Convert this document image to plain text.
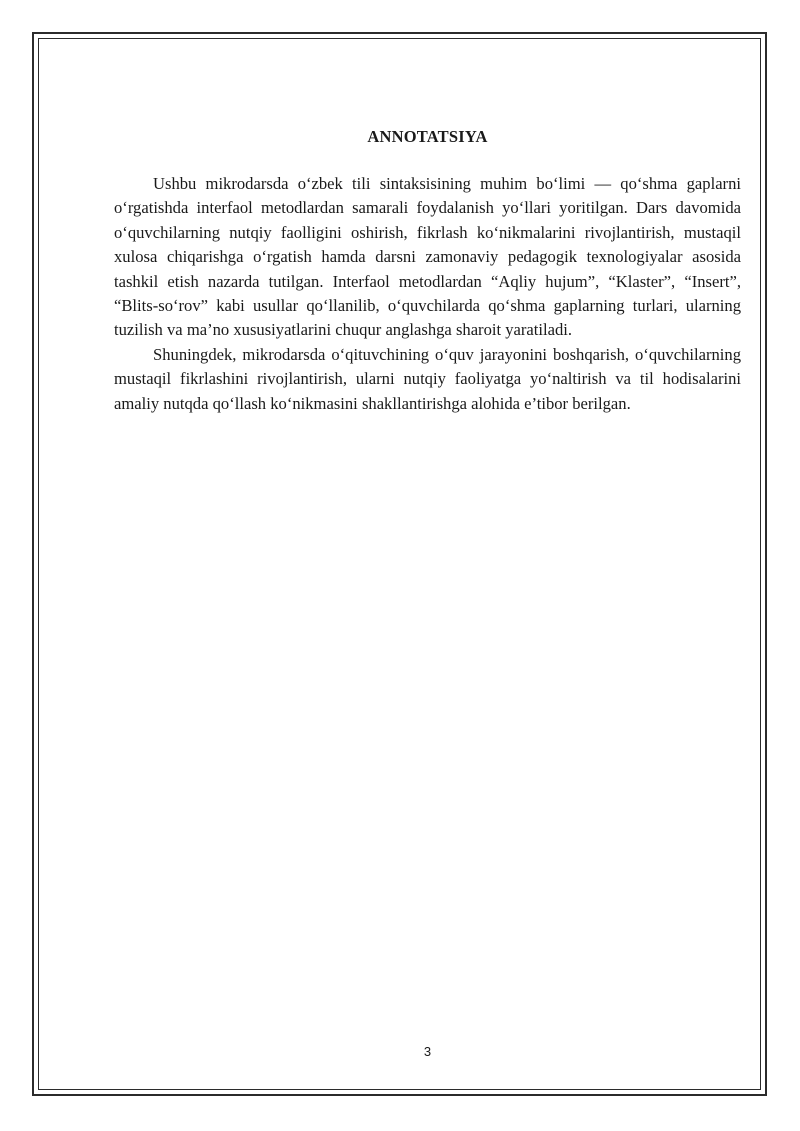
ANNOTATSIYA

Ushbu mikrodarsda o‘zbek tili sintaksisining muhim bo‘limi — qo‘shma gaplarni o‘rgatishda interfaol metodlardan samarali foydalanish yo‘llari yoritilgan. Dars davomida o‘quvchilarning nutqiy faolligini oshirish, fikrlash ko‘nikmalarini rivojlantirish, mustaqil xulosa chiqarishga o‘rgatish hamda darsni zamonaviy pedagogik texnologiyalar asosida tashkil etish nazarda tutilgan. Interfaol metodlardan “Aqliy hujum”, “Klaster”, “Insert”, “Blits-so‘rov” kabi usullar qo‘llanilib, o‘quvchilarda qo‘shma gaplarning turlari, ularning tuzilish va ma’no xususiyatlarini chuqur anglashga sharoit yaratiladi.

Shuningdek, mikrodarsda o‘qituvchining o‘quv jarayonini boshqarish, o‘quvchilarning mustaqil fikrlashini rivojlantirish, ularni nutqiy faoliyatga yo‘naltirish va til hodisalarini amaliy nutqda qo‘llash ko‘nikmasini shakllantirishga alohida e’tibor berilgan.

3
